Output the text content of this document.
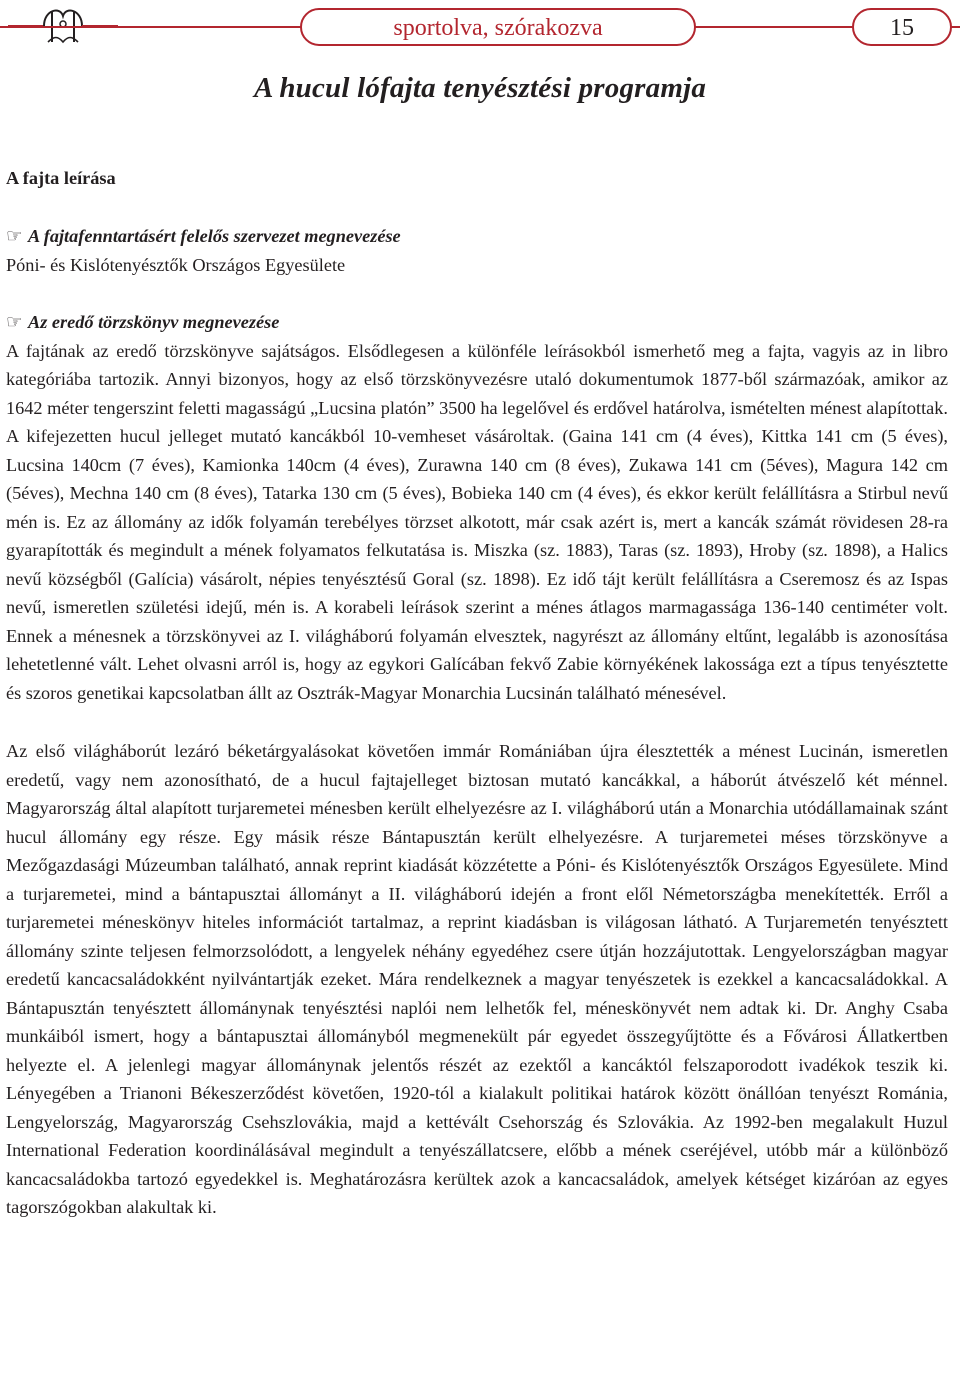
sportolva, szórakozva	15
A hucul lófajta tenyésztési programja
A fajta leírása
☞ A fajtafenntartásért felelős szervezet megnevezése
Póni- és Kislótenyésztők Országos Egyesülete
☞ Az eredő törzskönyv megnevezése

A fajtának az eredő törzskönyve sajátságos. Elsődlegesen a különféle leírásokból ismerhető meg a fajta, vagyis az in libro kategóriába tartozik. Annyi bizonyos, hogy az első törzskönyvezésre utaló dokumentumok 1877-ből származóak, amikor az 1642 méter tengerszint feletti magasságú „Lucsina platón” 3500 ha legelővel és erdővel határolva, ismételten ménest alapítottak. A kifejezetten hucul jelleget mutató kancákból 10-vemheset vásároltak. (Gaina 141 cm (4 éves), Kittka 141 cm (5 éves), Lucsina 140cm (7 éves), Kamionka 140cm (4 éves), Zurawna 140 cm (8 éves), Zukawa 141 cm (5éves), Magura 142 cm (5éves), Mechna 140 cm (8 éves), Tatarka 130 cm (5 éves), Bobieka 140 cm (4 éves), és ekkor került felállításra a Stirbul nevű mén is. Ez az állomány az idők folyamán terebélyes törzset alkotott, már csak azért is, mert a kancák számát rövidesen 28-ra gyarapították és megindult a mének folyamatos felkutatása is. Miszka (sz. 1883), Taras (sz. 1893), Hroby (sz. 1898), a Halics nevű községből (Galícia) vásárolt, népies tenyésztésű Goral (sz. 1898). Ez idő tájt került felállításra a Cseremosz és az Ispas nevű, ismeretlen születési idejű, mén is. A korabeli leírások szerint a ménes átlagos marmagassága 136-140 centiméter volt. Ennek a ménesnek a törzskönyvei az I. világháború folyamán elvesztek, nagyrészt az állomány eltűnt, legalább is azonosítása lehetetlenné vált. Lehet olvasni arról is, hogy az egykori Galícában fekvő Zabie környékének lakossága ezt a típus tenyésztette és szoros genetikai kapcsolatban állt az Osztrák-Magyar Monarchia Lucsinán található ménesével.

Az első világháborút lezáró béketárgyalásokat követően immár Romániában újra élesztették a ménest Lucinán, ismeretlen eredetű, vagy nem azonosítható, de a hucul fajtajelleget biztosan mutató kancákkal, a háborút átvészelő két ménnel. Magyarország által alapított turjaremetei ménesben került elhelyezésre az I. világháború után a Monarchia utódállamainak szánt hucul állomány egy része. Egy másik része Bántapusztán került elhelyezésre. A turjaremetei méses törzskönyve a Mezőgazdasági Múzeumban található, annak reprint kiadását közzétette a Póni- és Kislótenyésztők Országos Egyesülete. Mind a turjaremetei, mind a bántapusztai állományt a II. világháború idején a front elől Németországba menekítették. Erről a turjaremetei méneskönyv hiteles információt tartalmaz, a reprint kiadásban is világosan látható. A Turjaremetén tenyésztett állomány szinte teljesen felmorzsolódott, a lengyelek néhány egyedéhez csere útján hozzájutottak. Lengyelországban magyar eredetű kancacsaládokként nyilvántartják ezeket. Mára rendelkeznek a magyar tenyészetek is ezekkel a kancacsaládokkal. A Bántapusztán tenyésztett állománynak tenyésztési naplói nem lelhetők fel, méneskönyvét nem adtak ki. Dr. Anghy Csaba munkáiból ismert, hogy a bántapusztai állományból megmenekült pár egyedet összegyűjtötte és a Fővárosi Állatkertben helyezte el. A jelenlegi magyar állománynak jelentős részét az ezektől a kancáktól felszaporodott ivadékok teszik ki. Lényegében a Trianoni Békeszerződést követően, 1920-tól a kialakult politikai határok között önállóan tenyészt Románia, Lengyelország, Magyarország Csehszlovákia, majd a kettévált Csehország és Szlovákia. Az 1992-ben megalakult Huzul International Federation koordinálásával megindult a tenyészállatcsere, előbb a mének cseréjével, utóbb már a különböző kancacsaládokba tartozó egyedekkel is. Meghatározásra kerültek azok a kancacsaládok, amelyek kétséget kizáróan az egyes tagorszógokban alakultak ki.
